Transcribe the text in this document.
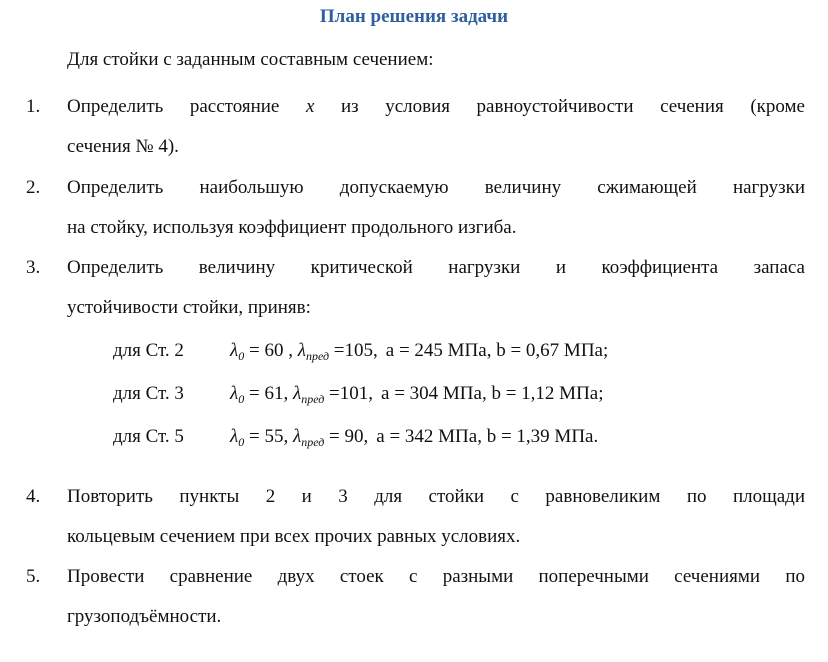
План решения задачи
Для стойки с заданным составным сечением:
1. Определить расстояние x из условия равноустойчивости сечения (кроме
сечения № 4).
2. Определить наибольшую допускаемую величину сжимающей нагрузки
на стойку, используя коэффициент продольного изгиба.
3. Определить величину критической нагрузки и коэффициента запаса
устойчивости стойки, приняв:
для Ст. 2 $\lambda_0 = 60$ , $\lambda_{пред} =105$, a = 245 МПа, b = 0,67 МПа;
для Ст. 3 $\lambda_0 = 61$, $\lambda_{пред} =101$, a = 304 МПа, b = 1,12 МПа;
для Ст. 5 $\lambda_0 = 55$, $\lambda_{пред} = 90$, a = 342 МПа, b = 1,39 МПа.
4. Повторить пункты 2 и 3 для стойки с равновеликим по площади
кольцевым сечением при всех прочих равных условиях.
5. Провести сравнение двух стоек с разными поперечными сечениями по
грузоподъёмности.
